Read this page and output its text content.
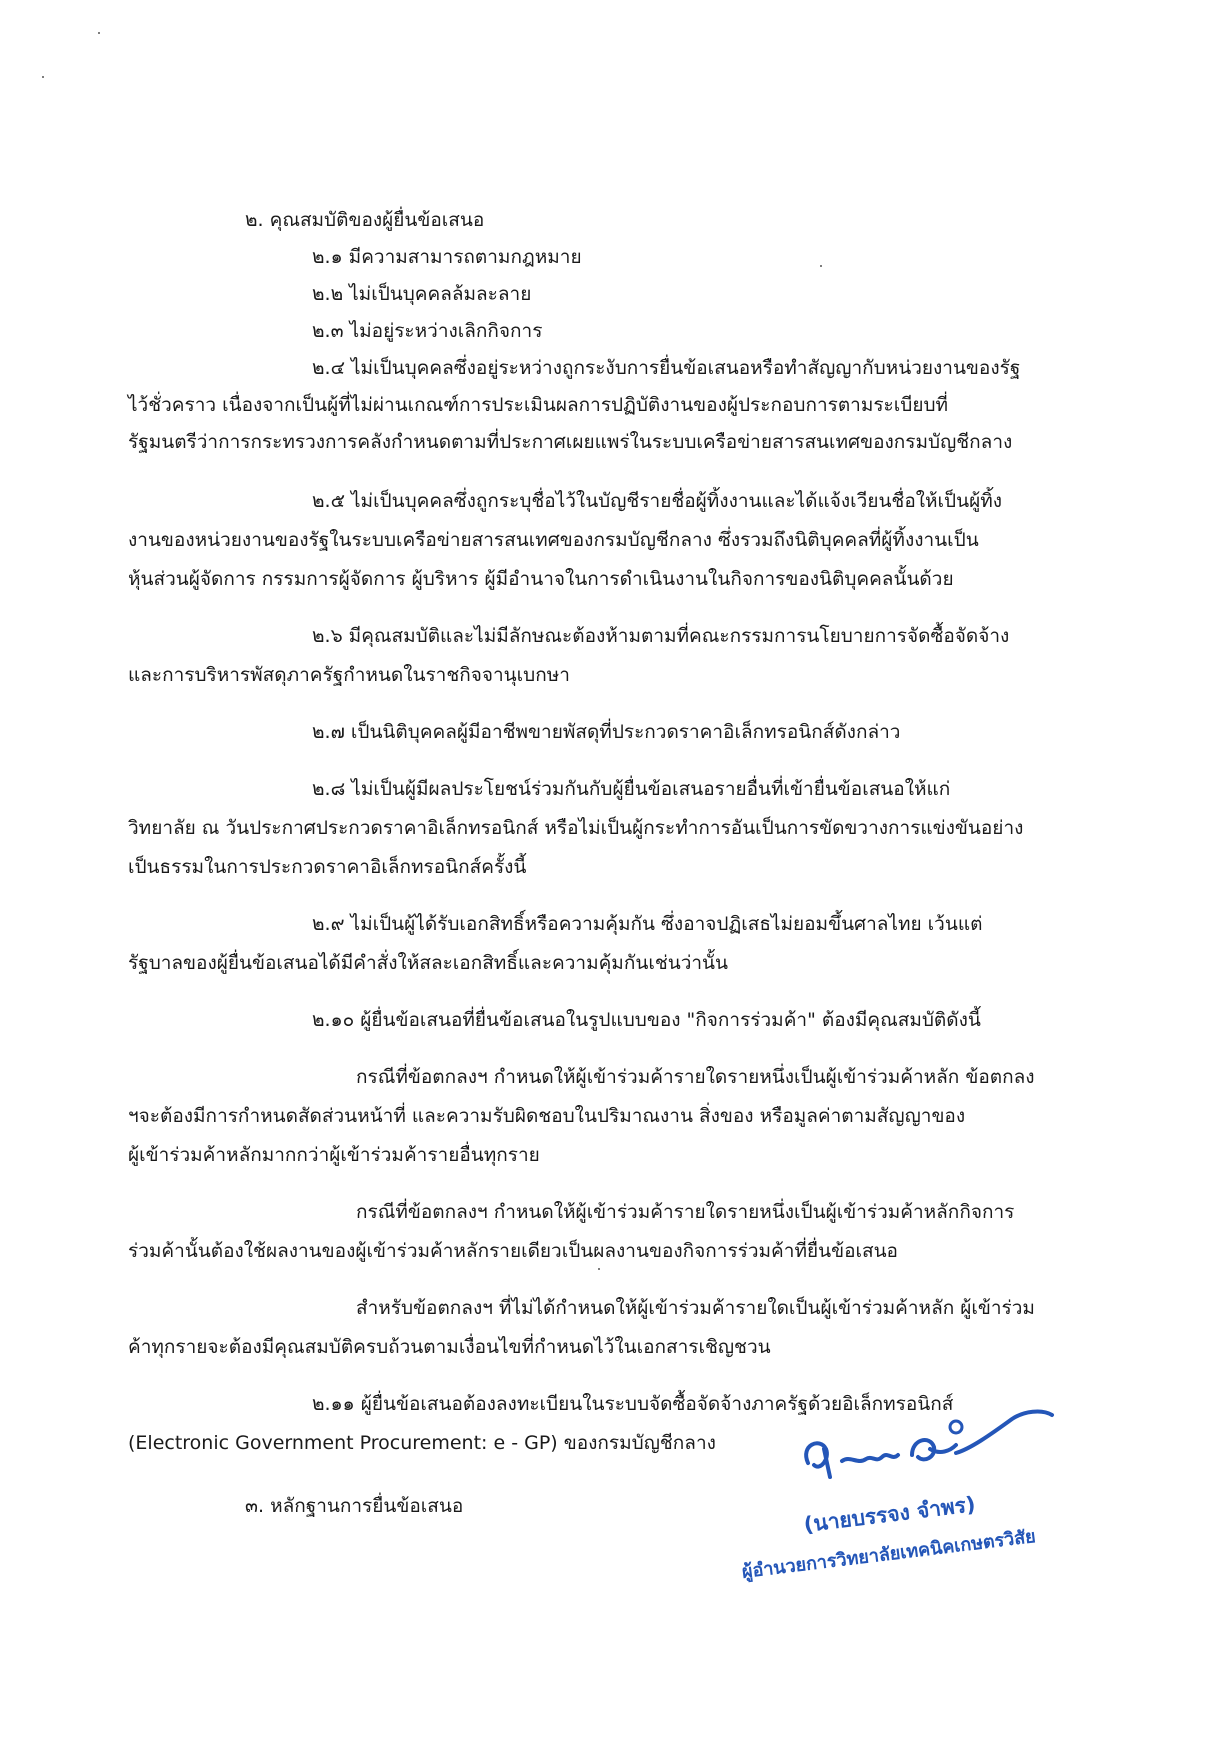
๒. คุณสมบัติของผู้ยื่นข้อเสนอ
๒.๑ มีความสามารถตามกฎหมาย
๒.๒ ไม่เป็นบุคคลล้มละลาย
๒.๓ ไม่อยู่ระหว่างเลิกกิจการ
๒.๔ ไม่เป็นบุคคลซึ่งอยู่ระหว่างถูกระงับการยื่นข้อเสนอหรือทำสัญญากับหน่วยงานของรัฐ
ไว้ชั่วคราว เนื่องจากเป็นผู้ที่ไม่ผ่านเกณฑ์การประเมินผลการปฏิบัติงานของผู้ประกอบการตามระเบียบที่
รัฐมนตรีว่าการกระทรวงการคลังกำหนดตามที่ประกาศเผยแพร่ในระบบเครือข่ายสารสนเทศของกรมบัญชีกลาง
๒.๕ ไม่เป็นบุคคลซึ่งถูกระบุชื่อไว้ในบัญชีรายชื่อผู้ทิ้งงานและได้แจ้งเวียนชื่อให้เป็นผู้ทิ้ง
งานของหน่วยงานของรัฐในระบบเครือข่ายสารสนเทศของกรมบัญชีกลาง ซึ่งรวมถึงนิติบุคคลที่ผู้ทิ้งงานเป็น
หุ้นส่วนผู้จัดการ กรรมการผู้จัดการ ผู้บริหาร ผู้มีอำนาจในการดำเนินงานในกิจการของนิติบุคคลนั้นด้วย
๒.๖ มีคุณสมบัติและไม่มีลักษณะต้องห้ามตามที่คณะกรรมการนโยบายการจัดซื้อจัดจ้าง
และการบริหารพัสดุภาครัฐกำหนดในราชกิจจานุเบกษา
๒.๗ เป็นนิติบุคคลผู้มีอาชีพขายพัสดุที่ประกวดราคาอิเล็กทรอนิกส์ดังกล่าว
๒.๘ ไม่เป็นผู้มีผลประโยชน์ร่วมกันกับผู้ยื่นข้อเสนอรายอื่นที่เข้ายื่นข้อเสนอให้แก่
วิทยาลัย ณ วันประกาศประกวดราคาอิเล็กทรอนิกส์ หรือไม่เป็นผู้กระทำการอันเป็นการขัดขวางการแข่งขันอย่าง
เป็นธรรมในการประกวดราคาอิเล็กทรอนิกส์ครั้งนี้
๒.๙ ไม่เป็นผู้ได้รับเอกสิทธิ์หรือความคุ้มกัน ซึ่งอาจปฏิเสธไม่ยอมขึ้นศาลไทย เว้นแต่
รัฐบาลของผู้ยื่นข้อเสนอได้มีคำสั่งให้สละเอกสิทธิ์และความคุ้มกันเช่นว่านั้น
๒.๑๐ ผู้ยื่นข้อเสนอที่ยื่นข้อเสนอในรูปแบบของ "กิจการร่วมค้า" ต้องมีคุณสมบัติดังนี้
กรณีที่ข้อตกลงฯ กำหนดให้ผู้เข้าร่วมค้ารายใดรายหนึ่งเป็นผู้เข้าร่วมค้าหลัก ข้อตกลง
ฯจะต้องมีการกำหนดสัดส่วนหน้าที่ และความรับผิดชอบในปริมาณงาน สิ่งของ หรือมูลค่าตามสัญญาของ
ผู้เข้าร่วมค้าหลักมากกว่าผู้เข้าร่วมค้ารายอื่นทุกราย
กรณีที่ข้อตกลงฯ กำหนดให้ผู้เข้าร่วมค้ารายใดรายหนึ่งเป็นผู้เข้าร่วมค้าหลักกิจการ
ร่วมค้านั้นต้องใช้ผลงานของผู้เข้าร่วมค้าหลักรายเดียวเป็นผลงานของกิจการร่วมค้าที่ยื่นข้อเสนอ
สำหรับข้อตกลงฯ ที่ไม่ได้กำหนดให้ผู้เข้าร่วมค้ารายใดเป็นผู้เข้าร่วมค้าหลัก ผู้เข้าร่วม
ค้าทุกรายจะต้องมีคุณสมบัติครบถ้วนตามเงื่อนไขที่กำหนดไว้ในเอกสารเชิญชวน
๒.๑๑ ผู้ยื่นข้อเสนอต้องลงทะเบียนในระบบจัดซื้อจัดจ้างภาครัฐด้วยอิเล็กทรอนิกส์
(Electronic Government Procurement: e - GP) ของกรมบัญชีกลาง
๓. หลักฐานการยื่นข้อเสนอ	(นายบรรจง จำพร)
ผู้อำนวยการวิทยาลัยเทคนิคเกษตรวิสัย
